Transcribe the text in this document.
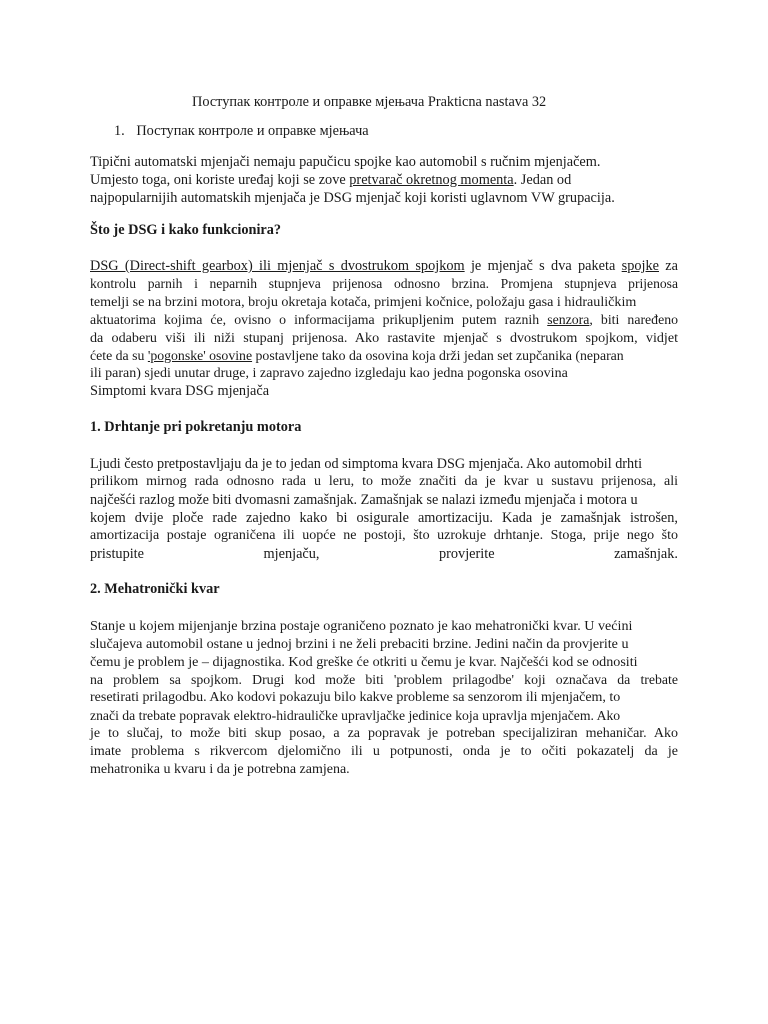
Поступак контроле и оправке мјењача Prakticna nastava 32
1. Поступак контроле и оправке мјењача
Tipični automatski mjenjači nemaju papučicu spojke kao automobil s ručnim mjenjačem.
Umjesto toga, oni koriste uređaj koji se zove pretvarač okretnog momenta. Jedan od
najpopularnijih automatskih mjenjača je DSG mjenjač koji koristi uglavnom VW grupacija.
Što je DSG i kako funkcionira?
DSG (Direct-shift gearbox) ili mjenjač s dvostrukom spojkom je mjenjač s dva paketa spojke za
kontrolu parnih i neparnih stupnjeva prijenosa odnosno brzina. Promjena stupnjeva prijenosa
temelji se na brzini motora, broju okretaja kotača, primjeni kočnice, položaju gasa i hidrauličkim
aktuatorima kojima će, ovisno o informacijama prikupljenim putem raznih senzora, biti naređeno
da odaberu viši ili niži stupanj prijenosa. Ako rastavite mjenjač s dvostrukom spojkom, vidjet
ćete da su 'pogonske' osovine postavljene tako da osovina koja drži jedan set zupčanika (neparan
ili paran) sjedi unutar druge, i zapravo zajedno izgledaju kao jedna pogonska osovina
Simptomi kvara DSG mjenjača
1. Drhtanje pri pokretanju motora
Ljudi često pretpostavljaju da je to jedan od simptoma kvara DSG mjenjača. Ako automobil drhti
prilikom mirnog rada odnosno rada u leru, to može značiti da je kvar u sustavu prijenosa, ali
najčešći razlog može biti dvomasni zamašnjak. Zamašnjak se nalazi između mjenjača i motora u
kojem dvije ploče rade zajedno kako bi osigurale amortizaciju. Kada je zamašnjak istrošen,
amortizacija postaje ograničena ili uopće ne postoji, što uzrokuje drhtanje. Stoga, prije nego što
pristupite mjenjaču, provjerite zamašnjak.
2. Mehatronički kvar
Stanje u kojem mijenjanje brzina postaje ograničeno poznato je kao mehatronički kvar. U većini
slučajeva automobil ostane u jednoj brzini i ne želi prebaciti brzine. Jedini način da provjerite u
čemu je problem je – dijagnostika. Kod greške će otkriti u čemu je kvar. Najčešći kod se odnositi
na problem sa spojkom. Drugi kod može biti 'problem prilagodbe' koji označava da trebate
resetirati prilagodbu. Ako kodovi pokazuju bilo kakve probleme sa senzorom ili mjenjačem, to
znači da trebate popravak elektro-hidrauličke upravljačke jedinice koja upravlja mjenjačem. Ako
je to slučaj, to može biti skup posao, a za popravak je potreban specijaliziran mehaničar. Ako
imate problema s rikvercom djelomično ili u potpunosti, onda je to očiti pokazatelj da je
mehatronika u kvaru i da je potrebna zamjena.
